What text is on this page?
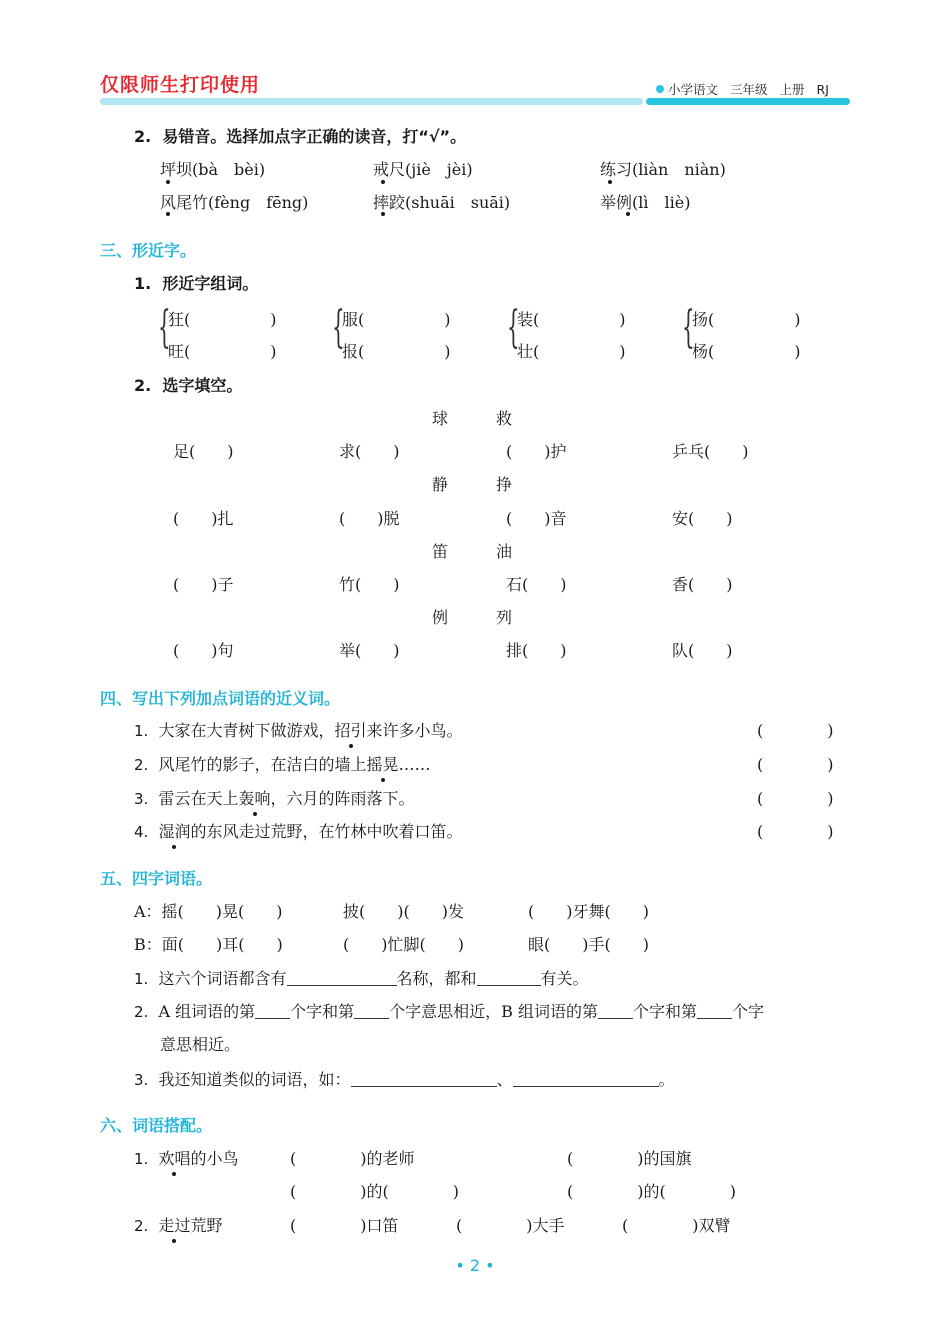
仅限师生打印使用	小学语文 三年级 上册 RJ
2. 易错音。选择加点字正确的读音，打“√”。
坪坝(bà　bèi)	戒尺(jiè　jèi)	练习(liàn　niàn)
风尾竹(fèng　fēng)	摔跤(shuāi　suāi)	举例(lì　liè)
三、形近字。
1. 形近字组词。
{
狂(　　　　　)
旺(　　　　　) {
服(　　　　　)
报(　　　　　) {
装(　　　　　)
壮(　　　　　) {
扬(　　　　　)
杨(　　　　　)
2. 选字填空。
球　　　	救
足(　　)	求(　　)	(　　)护	乒乓(　　)
静　　　	挣
(　　)扎	(　　)脱	(　　)音	安(　　)
笛　　　	油
(　　)子	竹(　　)	石(　　)	香(　　)
例　　　	列
(　　)句	举(　　)	排(　　)	队(　　)
四、写出下列加点词语的近义词。
1. 大家在大青树下做游戏，招引来许多小鸟。	(　　　　)
2. 风尾竹的影子，在洁白的墙上摇晃……	(　　　　)
3. 雷云在天上轰响，六月的阵雨落下。	(　　　　)
4. 湿润的东风走过荒野，在竹林中吹着口笛。	(　　　　)
五、四字词语。
A：摇(　　)晃(　　)	披(　　)(　　)发	(　　)牙舞(　　)
B：面(　　)耳(　　)	(　　)忙脚(　　)	眼(　　)手(　　)
1. 这六个词语都含有	名称，都和	有关。
2. A 组词语的第 个字和第 个字意思相近，B 组词语的第 个字和第 个字
意思相近。
3. 我还知道类似的词语，如：	、	。
六、词语搭配。
1. 欢唱的小鸟	(　　　　)的老师	(　　　　)的国旗
(　　　　)的(　　　　)	(　　　　)的(　　　　)
2. 走过荒野	(　　　　)口笛	(　　　　)大手	(　　　　)双臂
• 2 •
